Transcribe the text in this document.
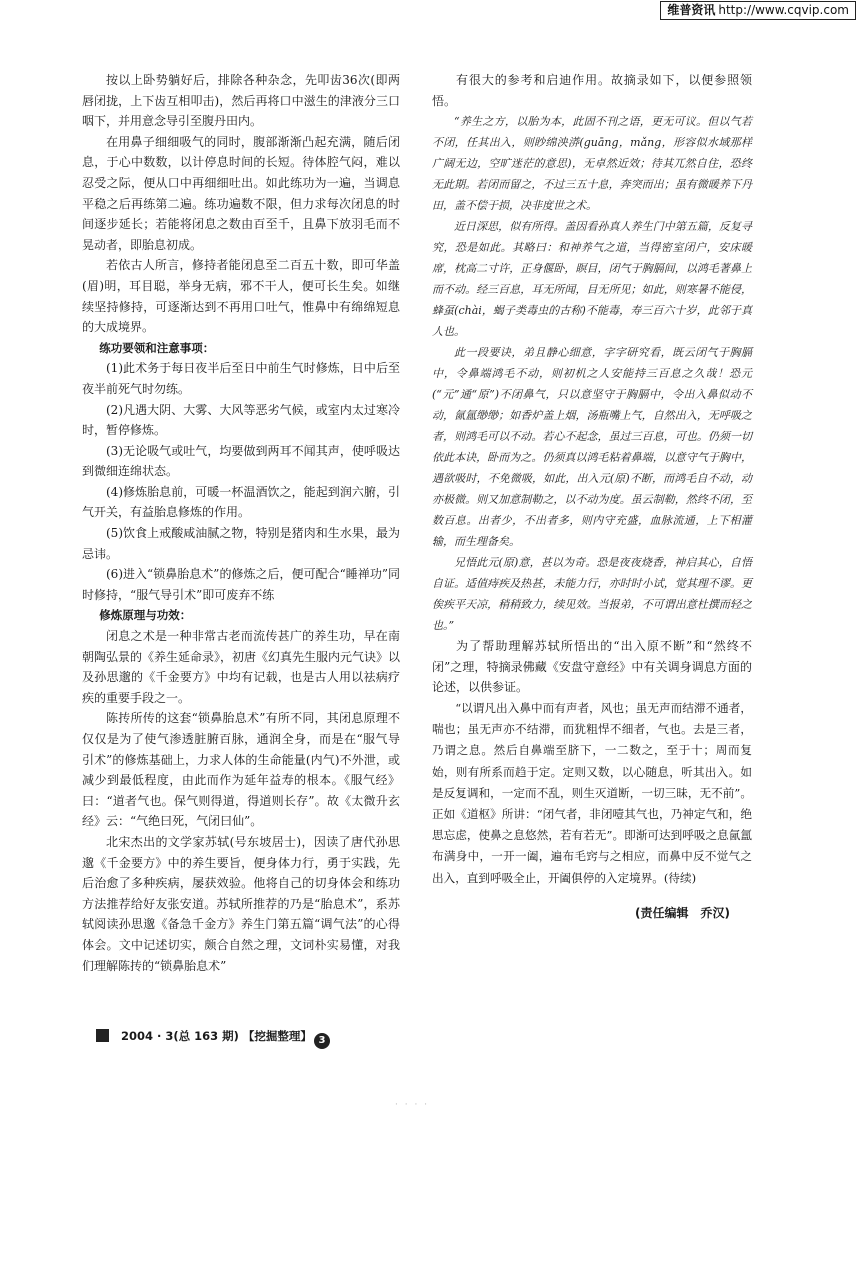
维普资讯 http://www.cqvip.com

按以上卧势躺好后，排除各种杂念，先叩齿36次(即两唇闭拢，上下齿互相叩击)，然后再将口中滋生的津液分三口咽下，并用意念导引至腹丹田内。

在用鼻子细细吸气的同时，腹部渐渐凸起充满，随后闭息，于心中数数，以计停息时间的长短。待体腔气闷，难以忍受之际，便从口中再细细吐出。如此练功为一遍，当调息平稳之后再练第二遍。练功遍数不限，但力求每次闭息的时间逐步延长；若能将闭息之数由百至千，且鼻下放羽毛而不晃动者，即胎息初成。

若依古人所言，修持者能闭息至二百五十数，即可华盖(眉)明，耳目聪，举身无病，邪不干人，便可长生矣。如继续坚持修持，可逐渐达到不再用口吐气，惟鼻中有绵绵短息的大成境界。

练功要领和注意事项：

(1)此术务于每日夜半后至日中前生气时修炼，日中后至夜半前死气时勿练。

(2)凡遇大阴、大雾、大风等恶劣气候，或室内太过寒冷时，暂停修炼。

(3)无论吸气或吐气，均要做到两耳不闻其声，使呼吸达到微细连绵状态。

(4)修炼胎息前，可暖一杯温酒饮之，能起到润六腑，引气开关，有益胎息修炼的作用。

(5)饮食上戒酸咸油腻之物，特别是猪肉和生水果，最为忌讳。

(6)进入“锁鼻胎息术”的修炼之后，便可配合“睡禅功”同时修持，“服气导引术”即可废弃不练

修炼原理与功效：

闭息之术是一种非常古老而流传甚广的养生功，早在南朝陶弘景的《养生延命录》，初唐《幻真先生服内元气诀》以及孙思邈的《千金要方》中均有记载，也是古人用以祛病疗疾的重要手段之一。

陈抟所传的这套“锁鼻胎息术”有所不同，其闭息原理不仅仅是为了使气渗透脏腑百脉，通润全身，而是在“服气导引术”的修炼基础上，力求人体的生命能量(内气)不外泄，或减少到最低程度，由此而作为延年益寿的根本。《服气经》曰：“道者气也。保气则得道，得道则长存”。故《太微升玄经》云：“气绝曰死，气闭曰仙”。

北宋杰出的文学家苏轼(号东坡居士)，因读了唐代孙思邈《千金要方》中的养生要旨，便身体力行，勇于实践，先后治愈了多种疾病，屡获效验。他将自己的切身体会和练功方法推荐给好友张安道。苏轼所推荐的乃是“胎息术”，系苏轼阅读孙思邈《备急千金方》养生门第五篇“调气法”的心得体会。文中记述切实，颇合自然之理，文词朴实易懂，对我们理解陈抟的“锁鼻胎息术”

有很大的参考和启迪作用。故摘录如下，以便参照领悟。

“养生之方，以胎为本，此固不刊之语，更无可议。但以气若不闭，任其出入，则眇绵泱漭(guāng，mǎng，形容似水域那样广阔无边，空旷迷茫的意思)，无卓然近效；待其兀然自住，恐终无此期。若闭而留之，不过三五十息，奔突而出；虽有微暖养下丹田，盖不偿于损，决非度世之术。

近日深思，似有所得。盖因看孙真人养生门中第五篇，反复寻究，恐是如此。其略曰：和神养气之道，当得密室闭户，安床暖席，枕高二寸许，正身偃卧，瞑目，闭气于胸膈间，以鸿毛著鼻上而不动。经三百息，耳无所闻，目无所见；如此，则寒暑不能侵，蜂虿(chài，蝎子类毒虫的古称)不能毒，寿三百六十岁，此邻于真人也。

此一段要诀，弟且静心细意，字字研究看，既云闭气于胸膈中，令鼻端鸿毛不动，则初机之人安能持三百息之久哉！恐元(“元”通“原”)不闭鼻气，只以意坚守于胸膈中，令出入鼻似动不动，氤氲缈缈；如香炉盖上烟，汤瓶嘴上气，自然出入，无呼吸之者，则鸿毛可以不动。若心不起念，虽过三百息，可也。仍须一切依此本诀，卧而为之。仍须真以鸿毛粘着鼻端，以意守气于胸中，遇欲吸时，不免微吸，如此，出入元(原)不断，而鸿毛自不动，动亦极微。则又加意制勒之，以不动为度。虽云制勒，然终不闭，至数百息。出者少，不出者多，则内守充盛，血脉流通，上下相灌输，而生理备矣。

兄悟此元(原)意，甚以为奇。恐是夜夜烧香，神启其心，自悟自证。适值痔疾及热甚，未能力行，亦时时小试，觉其理不谬。更俟疾平天凉，稍稍致力，续见效。当报弟，不可谓出意杜撰而轻之也。”

为了帮助理解苏轼所悟出的“出入原不断”和“然终不闭”之理，特摘录佛藏《安盘守意经》中有关调身调息方面的论述，以供参证。

“以谓凡出入鼻中而有声者，风也；虽无声而结滞不通者，喘也；虽无声亦不结滞，而犹粗悍不细者，气也。去是三者，乃谓之息。然后自鼻端至脐下，一二数之，至于十；周而复始，则有所系而趋于定。定则又数，以心随息，听其出入。如是反复调和，一定而不乱，则生灭道断，一切三昧，无不前”。正如《道枢》所讲：“闭气者，非闭噎其气也，乃神定气和，绝思忘虑，使鼻之息悠然，若有若无”。即渐可达到呼吸之息氤氲布满身中，一开一阖，遍布毛窍与之相应，而鼻中反不觉气之出入，直到呼吸全止，开阖俱停的入定境界。(待续)

(责任编辑　乔汉)

2004 · 3(总 163 期) 【挖掘整理】 3
· · · ·
